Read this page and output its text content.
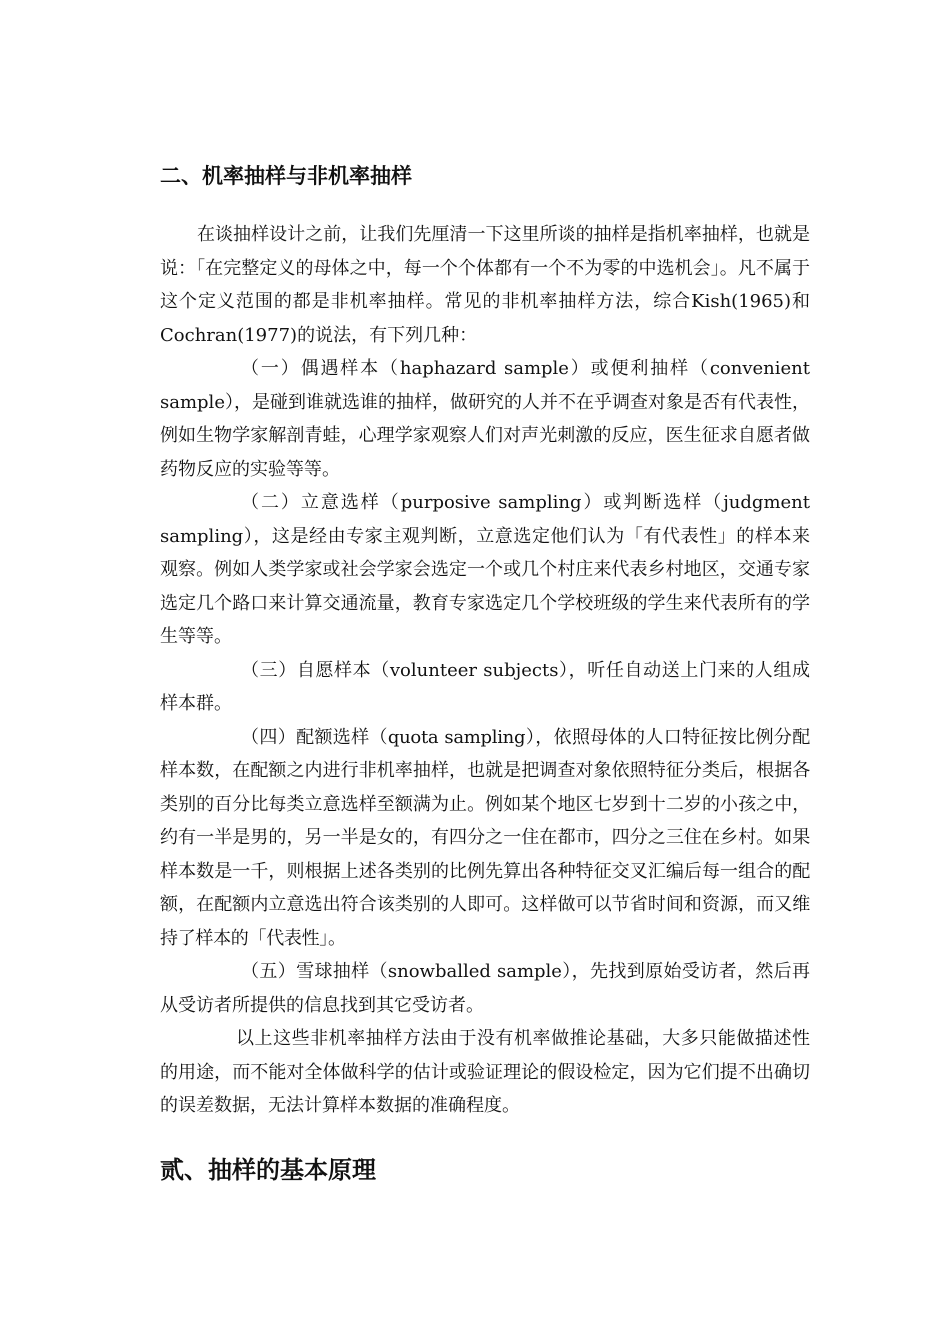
二、机率抽样与非机率抽样

在谈抽样设计之前，让我们先厘清一下这里所谈的抽样是指机率抽样，也就是说：「在完整定义的母体之中，每一个个体都有一个不为零的中选机会」。凡不属于这个定义范围的都是非机率抽样。常见的非机率抽样方法，综合Kish(1965)和Cochran(1977)的说法，有下列几种：

（一）偶遇样本（haphazard sample）或便利抽样（convenient sample），是碰到谁就选谁的抽样，做研究的人并不在乎调查对象是否有代表性，例如生物学家解剖青蛙，心理学家观察人们对声光刺激的反应，医生征求自愿者做药物反应的实验等等。

（二）立意选样（purposive sampling）或判断选样（judgment sampling），这是经由专家主观判断，立意选定他们认为「有代表性」的样本来观察。例如人类学家或社会学家会选定一个或几个村庄来代表乡村地区，交通专家选定几个路口来计算交通流量，教育专家选定几个学校班级的学生来代表所有的学生等等。

（三）自愿样本（volunteer subjects），听任自动送上门来的人组成样本群。

（四）配额选样（quota sampling），依照母体的人口特征按比例分配样本数，在配额之内进行非机率抽样，也就是把调查对象依照特征分类后，根据各类别的百分比每类立意选样至额满为止。例如某个地区七岁到十二岁的小孩之中，约有一半是男的，另一半是女的，有四分之一住在都市，四分之三住在乡村。如果样本数是一千，则根据上述各类别的比例先算出各种特征交叉汇编后每一组合的配额，在配额内立意选出符合该类别的人即可。这样做可以节省时间和资源，而又维持了样本的「代表性」。

（五）雪球抽样（snowballed sample），先找到原始受访者，然后再从受访者所提供的信息找到其它受访者。

以上这些非机率抽样方法由于没有机率做推论基础，大多只能做描述性的用途，而不能对全体做科学的估计或验证理论的假设检定，因为它们提不出确切的误差数据，无法计算样本数据的准确程度。

贰、抽样的基本原理
